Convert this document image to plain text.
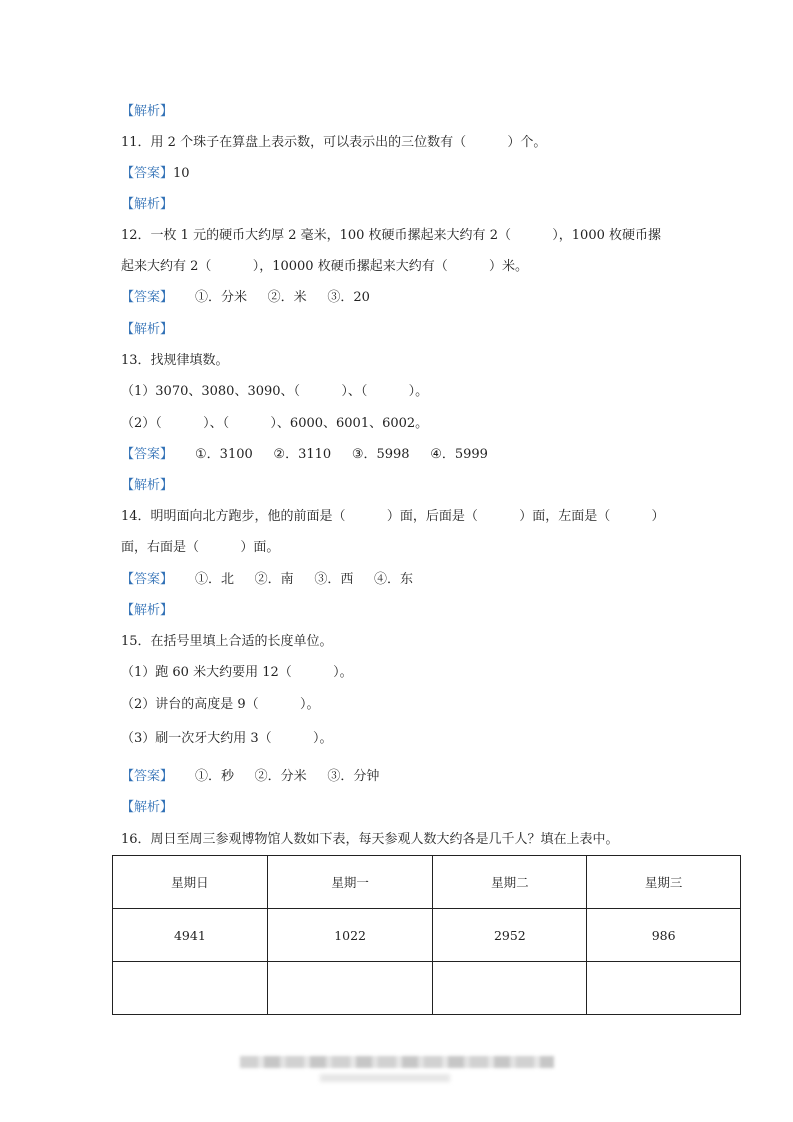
【解析】
11．用 2 个珠子在算盘上表示数，可以表示出的三位数有（          ）个。
【答案】10
【解析】
12．一枚 1 元的硬币大约厚 2 毫米，100 枚硬币摞起来大约有 2（          ），1000 枚硬币摞
起来大约有 2（          ），10000 枚硬币摞起来大约有（          ）米。
【答案】 ①．分米     ②．米     ③．20
【解析】
13．找规律填数。
（1）3070、3080、3090、（          ）、（          ）。
（2）（          ）、（          ）、6000、6001、6002。
【答案】 ①．3100     ②．3110     ③．5998     ④．5999
【解析】
14．明明面向北方跑步，他的前面是（          ）面，后面是（          ）面，左面是（          ）
面，右面是（          ）面。
【答案】 ①．北     ②．南     ③．西     ④．东
【解析】
15．在括号里填上合适的长度单位。
（1）跑 60 米大约要用 12（          ）。
（2）讲台的高度是 9（          ）。
（3）刷一次牙大约用 3（          ）。
【答案】 ①．秒     ②．分米     ③．分钟
【解析】
16．周日至周三参观博物馆人数如下表，每天参观人数大约各是几千人？填在上表中。
星期日	星期一	星期二	星期三
4941	1022	2952	986
